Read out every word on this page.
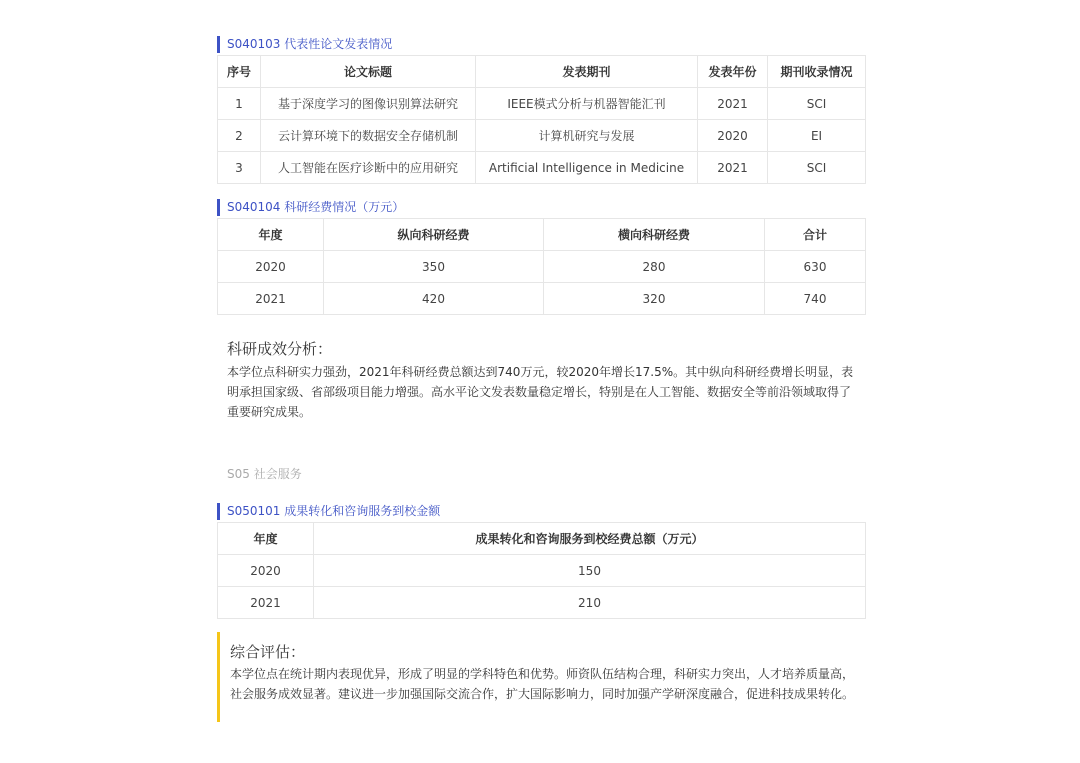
S040103 代表性论文发表情况
序号	论文标题	发表期刊	发表年份	期刊收录情况
1	基于深度学习的图像识别算法研究	IEEE模式分析与机器智能汇刊	2021	SCI
2	云计算环境下的数据安全存储机制	计算机研究与发展	2020	EI
3	人工智能在医疗诊断中的应用研究	Artificial Intelligence in Medicine	2021	SCI
S040104 科研经费情况（万元）
年度	纵向科研经费	横向科研经费	合计
2020	350	280	630
2021	420	320	740
科研成效分析：
本学位点科研实力强劲，2021年科研经费总额达到740万元，较2020年增长17.5%。其中纵向科研经费增长明显，表明承担国家级、省部级项目能力增强。高水平论文发表数量稳定增长，特别是在人工智能、数据安全等前沿领域取得了重要研究成果。
S05 社会服务
S050101 成果转化和咨询服务到校金额
年度	成果转化和咨询服务到校经费总额（万元）
2020	150
2021	210
综合评估：
本学位点在统计期内表现优异，形成了明显的学科特色和优势。师资队伍结构合理，科研实力突出，人才培养质量高，社会服务成效显著。建议进一步加强国际交流合作，扩大国际影响力，同时加强产学研深度融合，促进科技成果转化。
